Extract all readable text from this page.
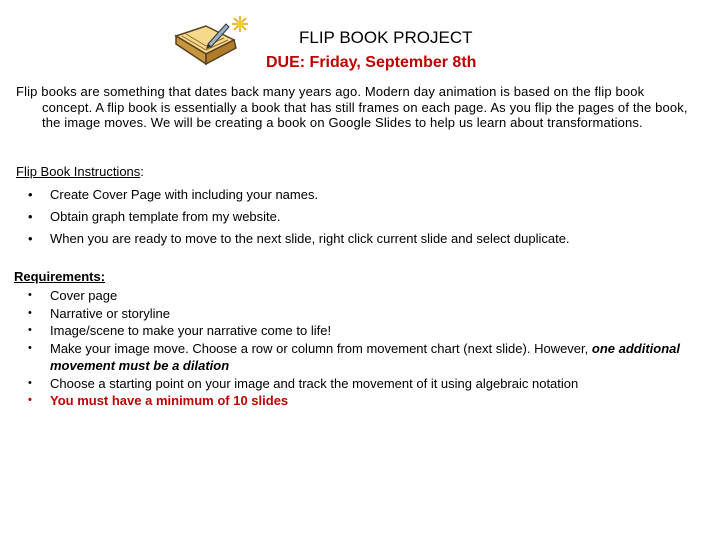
FLIP BOOK PROJECT
DUE: Friday, September 8th
Flip books are something that dates back many years ago. Modern day animation is based on the flip book concept. A flip book is essentially a book that has still frames on each page. As you flip the pages of the book, the image moves. We will be creating a book on Google Slides to help us learn about transformations.
Flip Book Instructions:
• Create Cover Page with including your names.
• Obtain graph template from my website.
• When you are ready to move to the next slide, right click current slide and select duplicate.
Requirements:
• Cover page
• Narrative or storyline
• Image/scene to make your narrative come to life!
• Make your image move. Choose a row or column from movement chart (next slide). However, one additional movement must be a dilation
• Choose a starting point on your image and track the movement of it using algebraic notation
• You must have a minimum of 10 slides
